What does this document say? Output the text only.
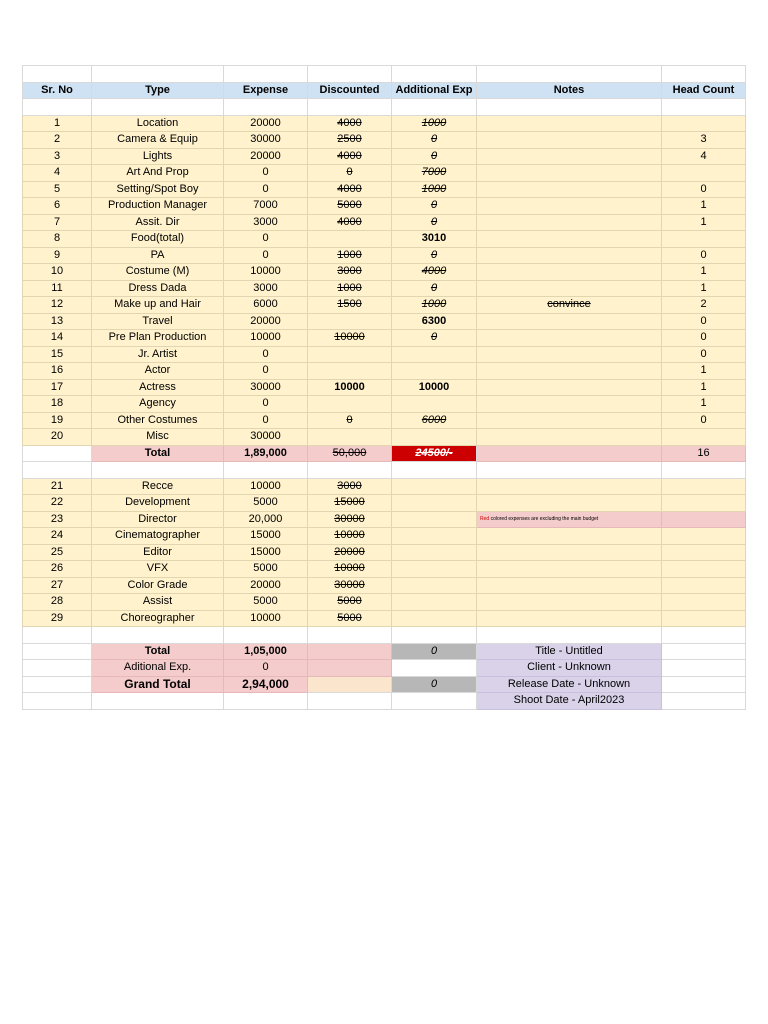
Sr. No	Type	Expense	Discounted	Additional Exp	Notes	Head Count

1	Location	20000	4000	1000		
2	Camera & Equip	30000	2500	0		3
3	Lights	20000	4000	0		4
4	Art And Prop	0	0	7000		
5	Setting/Spot Boy	0	4000	1000		0
6	Production Manager	7000	5000	0		1
7	Assit. Dir	3000	4000	0		1
8	Food(total)	0		3010		
9	PA	0	1000	0		0
10	Costume (M)	10000	3000	4000		1
11	Dress Dada	3000	1000	0		1
12	Make up and Hair	6000	1500	1000	convince	2
13	Travel	20000		6300		0
14	Pre Plan Production	10000	10000	0		0
15	Jr. Artist	0				0
16	Actor	0				1
17	Actress	30000	10000	10000		1
18	Agency	0				1
19	Other Costumes	0	0	6000		0
20	Misc	30000				
	Total	1,89,000	50,000	24500/-		16

21	Recce	10000	3000			
22	Development	5000	15000			
23	Director	20,000	30000		Red colored expenses are excluding the main budget	
24	Cinematographer	15000	10000			
25	Editor	15000	20000			
26	VFX	5000	10000			
27	Color Grade	20000	30000			
28	Assist	5000	5000			
29	Choreographer	10000	5000			

	Total	1,05,000		0	Title - Untitled	
	Aditional Exp.	0			Client - Unknown	
	Grand Total	2,94,000		0	Release Date - Unknown	
					Shoot Date - April2023	
